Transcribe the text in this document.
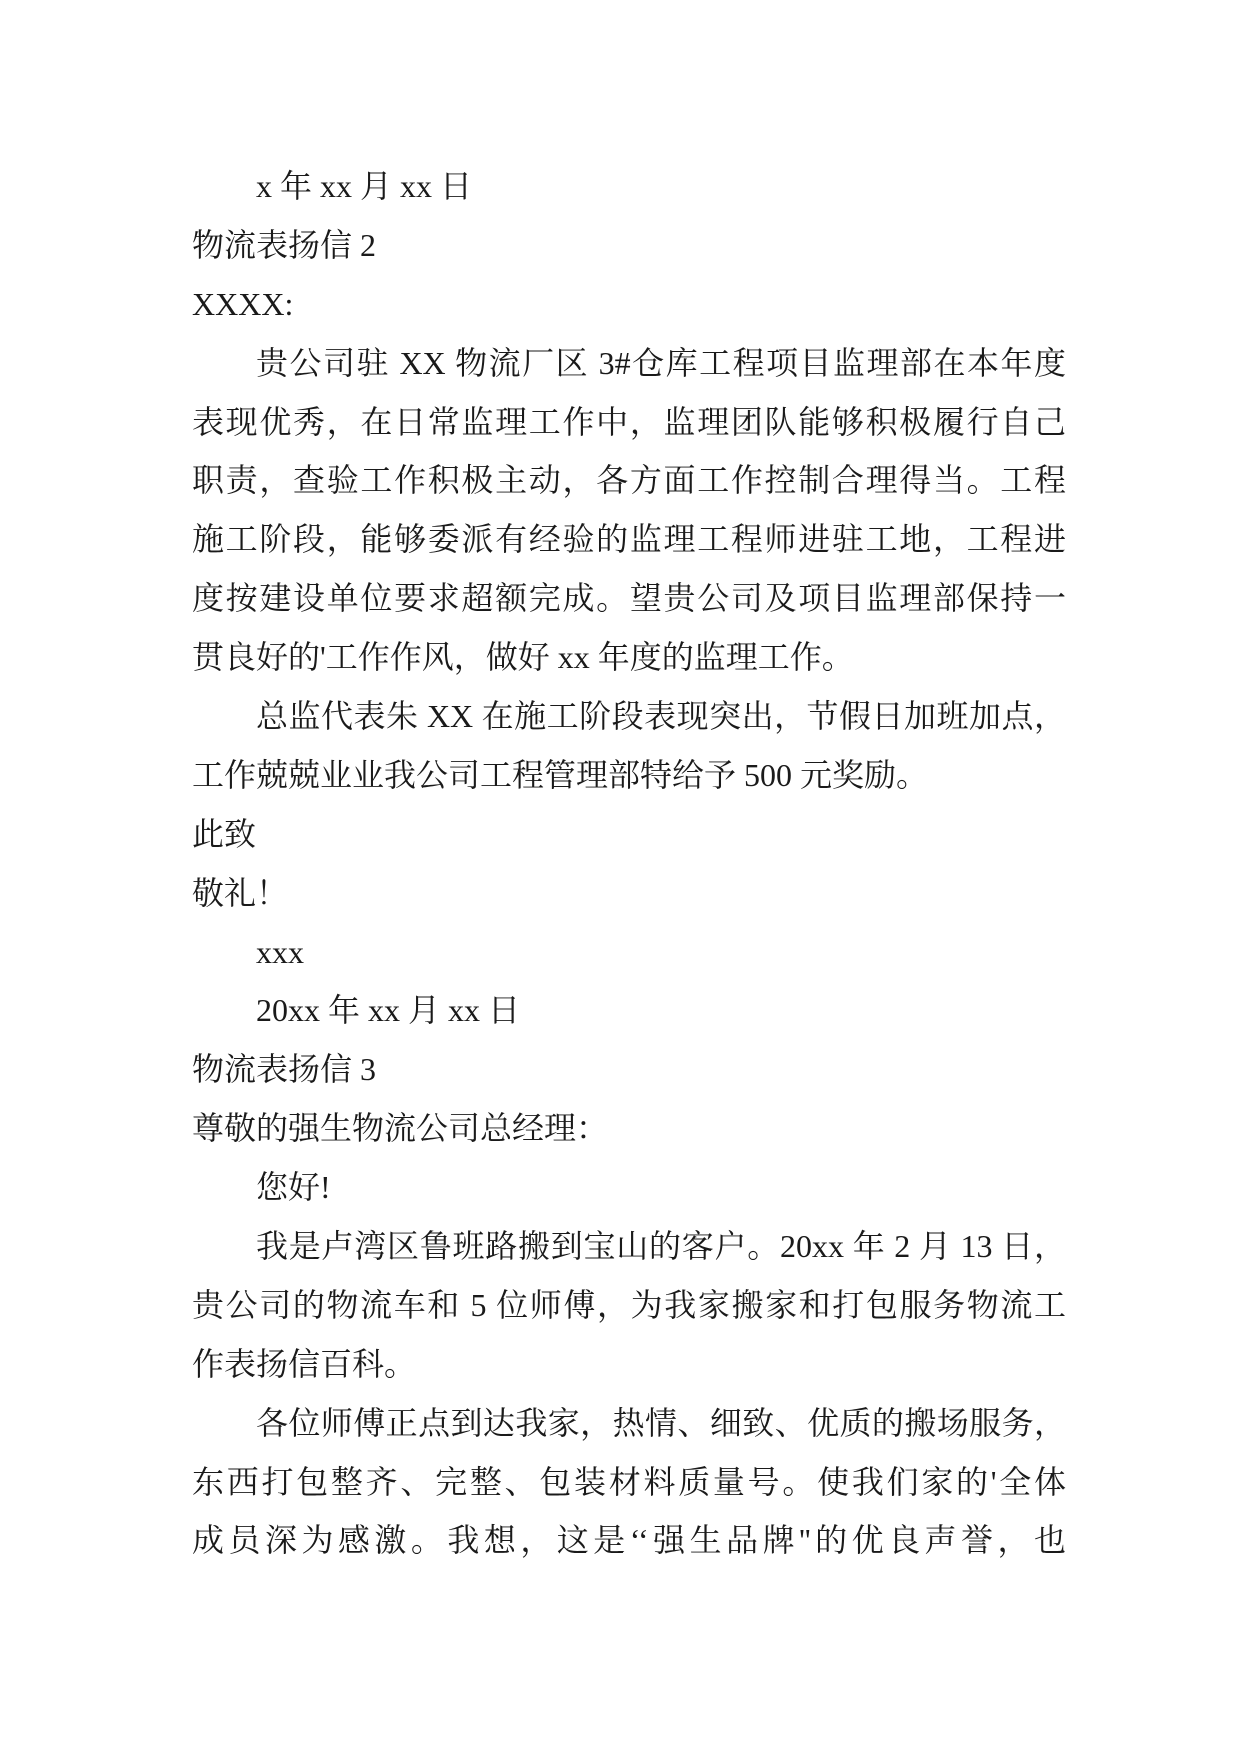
x 年 xx 月 xx 日
物流表扬信 2
XXXX:
贵公司驻 XX 物流厂区 3#仓库工程项目监理部在本年度
表现优秀，在日常监理工作中，监理团队能够积极履行自己
职责，查验工作积极主动，各方面工作控制合理得当。工程
施工阶段，能够委派有经验的监理工程师进驻工地，工程进
度按建设单位要求超额完成。望贵公司及项目监理部保持一
贯良好的'工作作风，做好 xx 年度的监理工作。
总监代表朱 XX 在施工阶段表现突出，节假日加班加点，
工作兢兢业业我公司工程管理部特给予 500 元奖励。
此致
敬礼！
xxx
20xx 年 xx 月 xx 日
物流表扬信 3
尊敬的强生物流公司总经理：
您好!
我是卢湾区鲁班路搬到宝山的客户。20xx 年 2 月 13 日，
贵公司的物流车和 5 位师傅，为我家搬家和打包服务物流工
作表扬信百科。
各位师傅正点到达我家，热情、细致、优质的搬场服务，
东西打包整齐、完整、包装材料质量号。使我们家的'全体
成员深为感激。我想，这是‘‘强生品牌''的优良声誉，也
